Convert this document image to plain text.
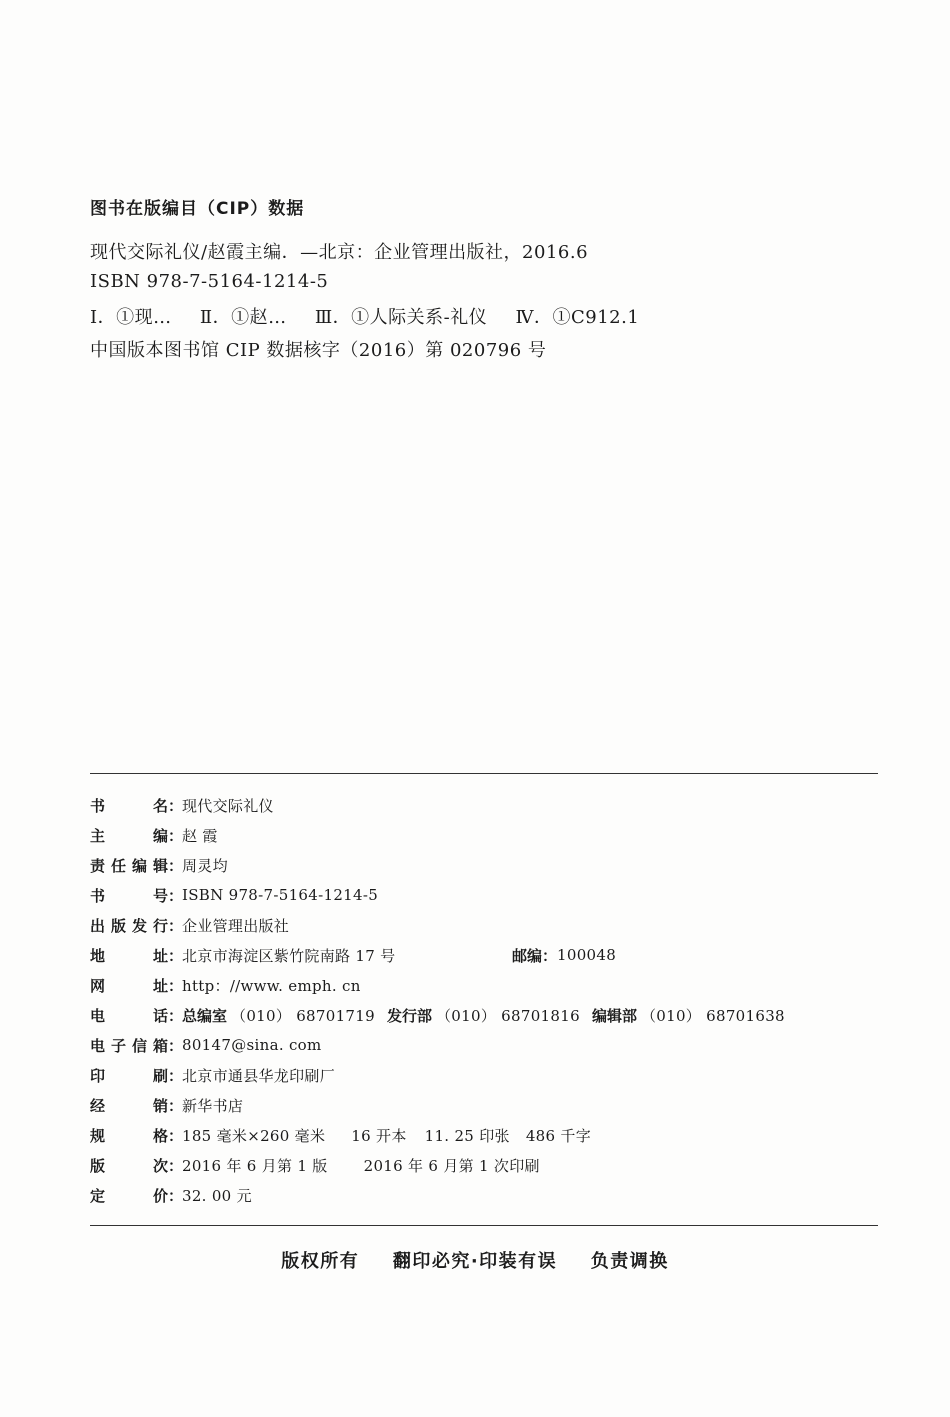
图书在版编目（CIP）数据
现代交际礼仪/赵霞主编．—北京：企业管理出版社，2016.6
ISBN 978-7-5164-1214-5
Ⅰ．①现… Ⅱ．①赵… Ⅲ．①人际关系-礼仪 Ⅳ．①C912.1
中国版本图书馆 CIP 数据核字（2016）第 020796 号
书名 ：
现代交际礼仪
主编 ：
赵 霞
责任编辑 ：
周灵均
书号 ：
ISBN 978-7-5164-1214-5
出版发行 ：
企业管理出版社
地址 ：
北京市海淀区紫竹院南路 17 号	邮编： 100048
网址 ：
http：//www. emph. cn
电话 ：
总编室 （010） 68701719 发行部 （010） 68701816 编辑部 （010） 68701638
电子信箱 ：
80147@sina. com
印刷 ：
北京市通县华龙印刷厂
经销 ：
新华书店
规格 ：
185 毫米×260 毫米 16 开本 11. 25 印张 486 千字
版次 ：
2016 年 6 月第 1 版 2016 年 6 月第 1 次印刷
定价 ：
32. 00 元
版权所有 翻印必究·印装有误 负责调换
